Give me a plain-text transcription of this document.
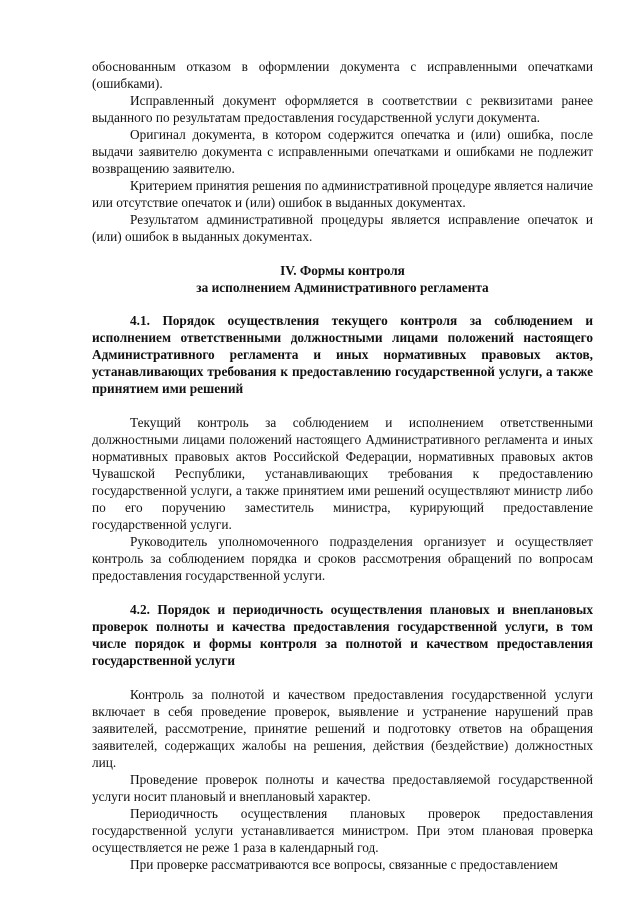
обоснованным отказом в оформлении документа с исправленными опечатками (ошибками).

Исправленный документ оформляется в соответствии с реквизитами ранее выданного по результатам предоставления государственной услуги документа.

Оригинал документа, в котором содержится опечатка и (или) ошибка, после выдачи заявителю документа с исправленными опечатками и ошибками не подлежит возвращению заявителю.

Критерием принятия решения по административной процедуре является наличие или отсутствие опечаток и (или) ошибок в выданных документах.

Результатом административной процедуры является исправление опечаток и (или) ошибок в выданных документах.

IV. Формы контроля
за исполнением Административного регламента

4.1. Порядок осуществления текущего контроля за соблюдением и исполнением ответственными должностными лицами положений настоящего Административного регламента и иных нормативных правовых актов, устанавливающих требования к предоставлению государственной услуги, а также принятием ими решений

Текущий контроль за соблюдением и исполнением ответственными должностными лицами положений настоящего Административного регламента и иных нормативных правовых актов Российской Федерации, нормативных правовых актов Чувашской Республики, устанавливающих требования к предоставлению государственной услуги, а также принятием ими решений осуществляют министр либо по его поручению заместитель министра, курирующий предоставление государственной услуги.

Руководитель уполномоченного подразделения организует и осуществляет контроль за соблюдением порядка и сроков рассмотрения обращений по вопросам предоставления государственной услуги.

4.2. Порядок и периодичность осуществления плановых и внеплановых проверок полноты и качества предоставления государственной услуги, в том числе порядок и формы контроля за полнотой и качеством предоставления государственной услуги

Контроль за полнотой и качеством предоставления государственной услуги включает в себя проведение проверок, выявление и устранение нарушений прав заявителей, рассмотрение, принятие решений и подготовку ответов на обращения заявителей, содержащих жалобы на решения, действия (бездействие) должностных лиц.

Проведение проверок полноты и качества предоставляемой государственной услуги носит плановый и внеплановый характер.

Периодичность осуществления плановых проверок предоставления государственной услуги устанавливается министром. При этом плановая проверка осуществляется не реже 1 раза в календарный год.

При проверке рассматриваются все вопросы, связанные с предоставлением
